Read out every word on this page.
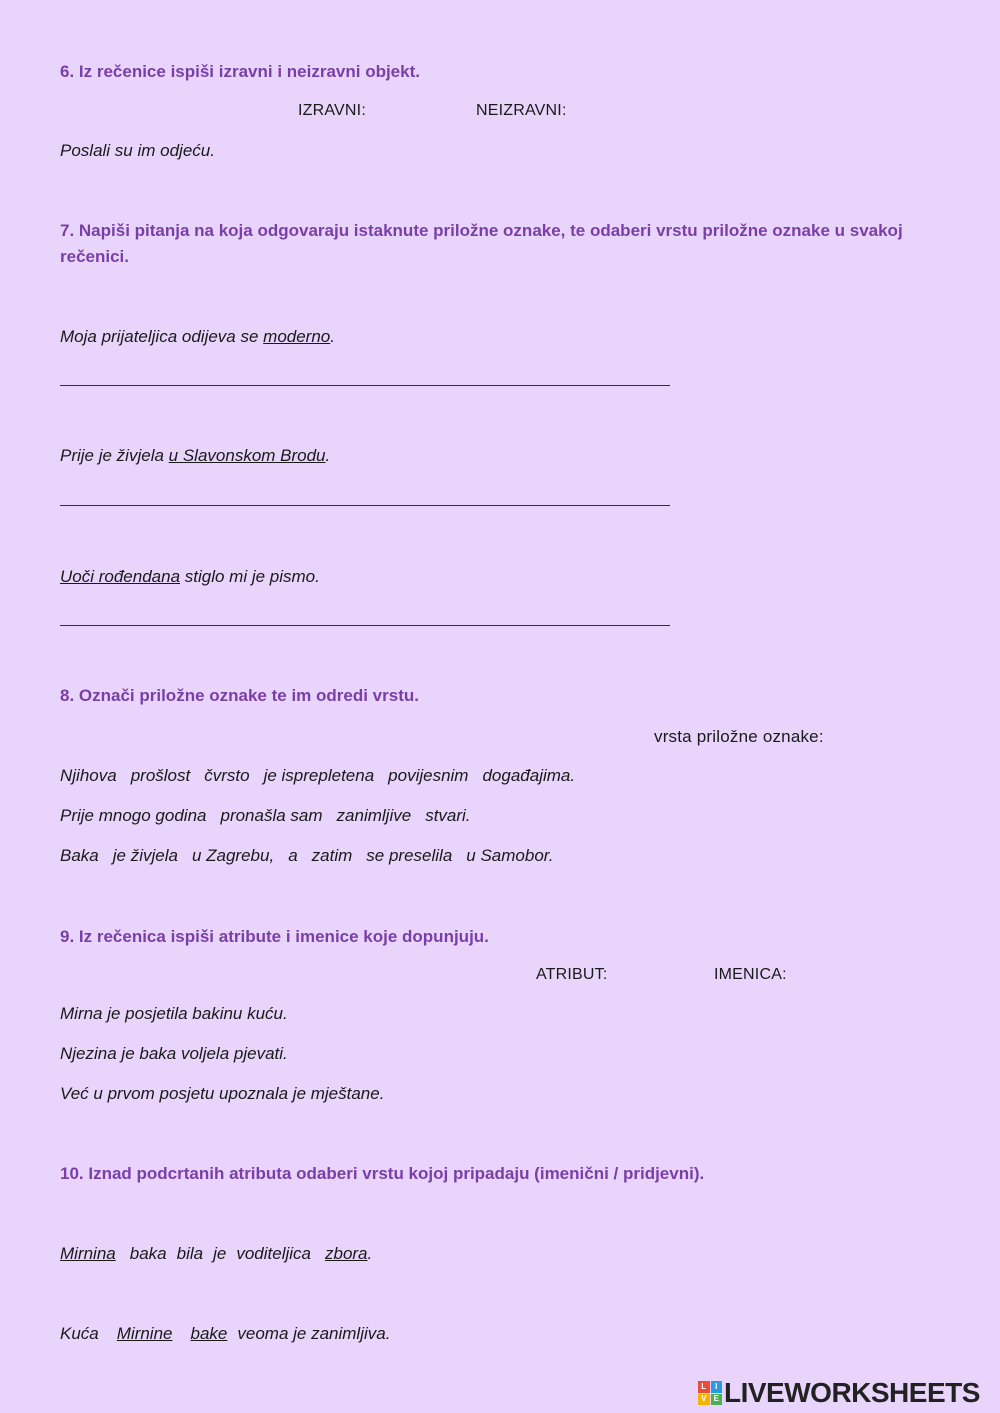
6. Iz rečenice ispiši izravni i neizravni objekt.
IZRAVNI:	NEIZRAVNI:
Poslali su im odjeću.
7. Napiši pitanja na koja odgovaraju istaknute priložne oznake, te odaberi vrstu priložne oznake u svakoj rečenici.
Moja prijateljica odijeva se moderno.
Prije je živjela u Slavonskom Brodu.
Uoči rođendana stiglo mi je pismo.
8. Označi priložne oznake te im odredi vrstu.
vrsta priložne oznake:
Njihova prošlost čvrsto je isprepletena povijesnim događajima.
Prije mnogo godina pronašla sam zanimljive stvari.
Baka je živjela u Zagrebu, a zatim se preselila u Samobor.
9. Iz rečenica ispiši atribute i imenice koje dopunjuju.
ATRIBUT:	IMENICA:
Mirna je posjetila bakinu kuću.
Njezina je baka voljela pjevati.
Već u prvom posjetu upoznala je mještane.
10. Iznad podcrtanih atributa odaberi vrstu kojoj pripadaju (imenični / pridjevni).
Mirnina baka bila je voditeljica zbora.
Kuća Mirnine bake veoma je zanimljiva.
L	I
V E LIVEWORKSHEETS
